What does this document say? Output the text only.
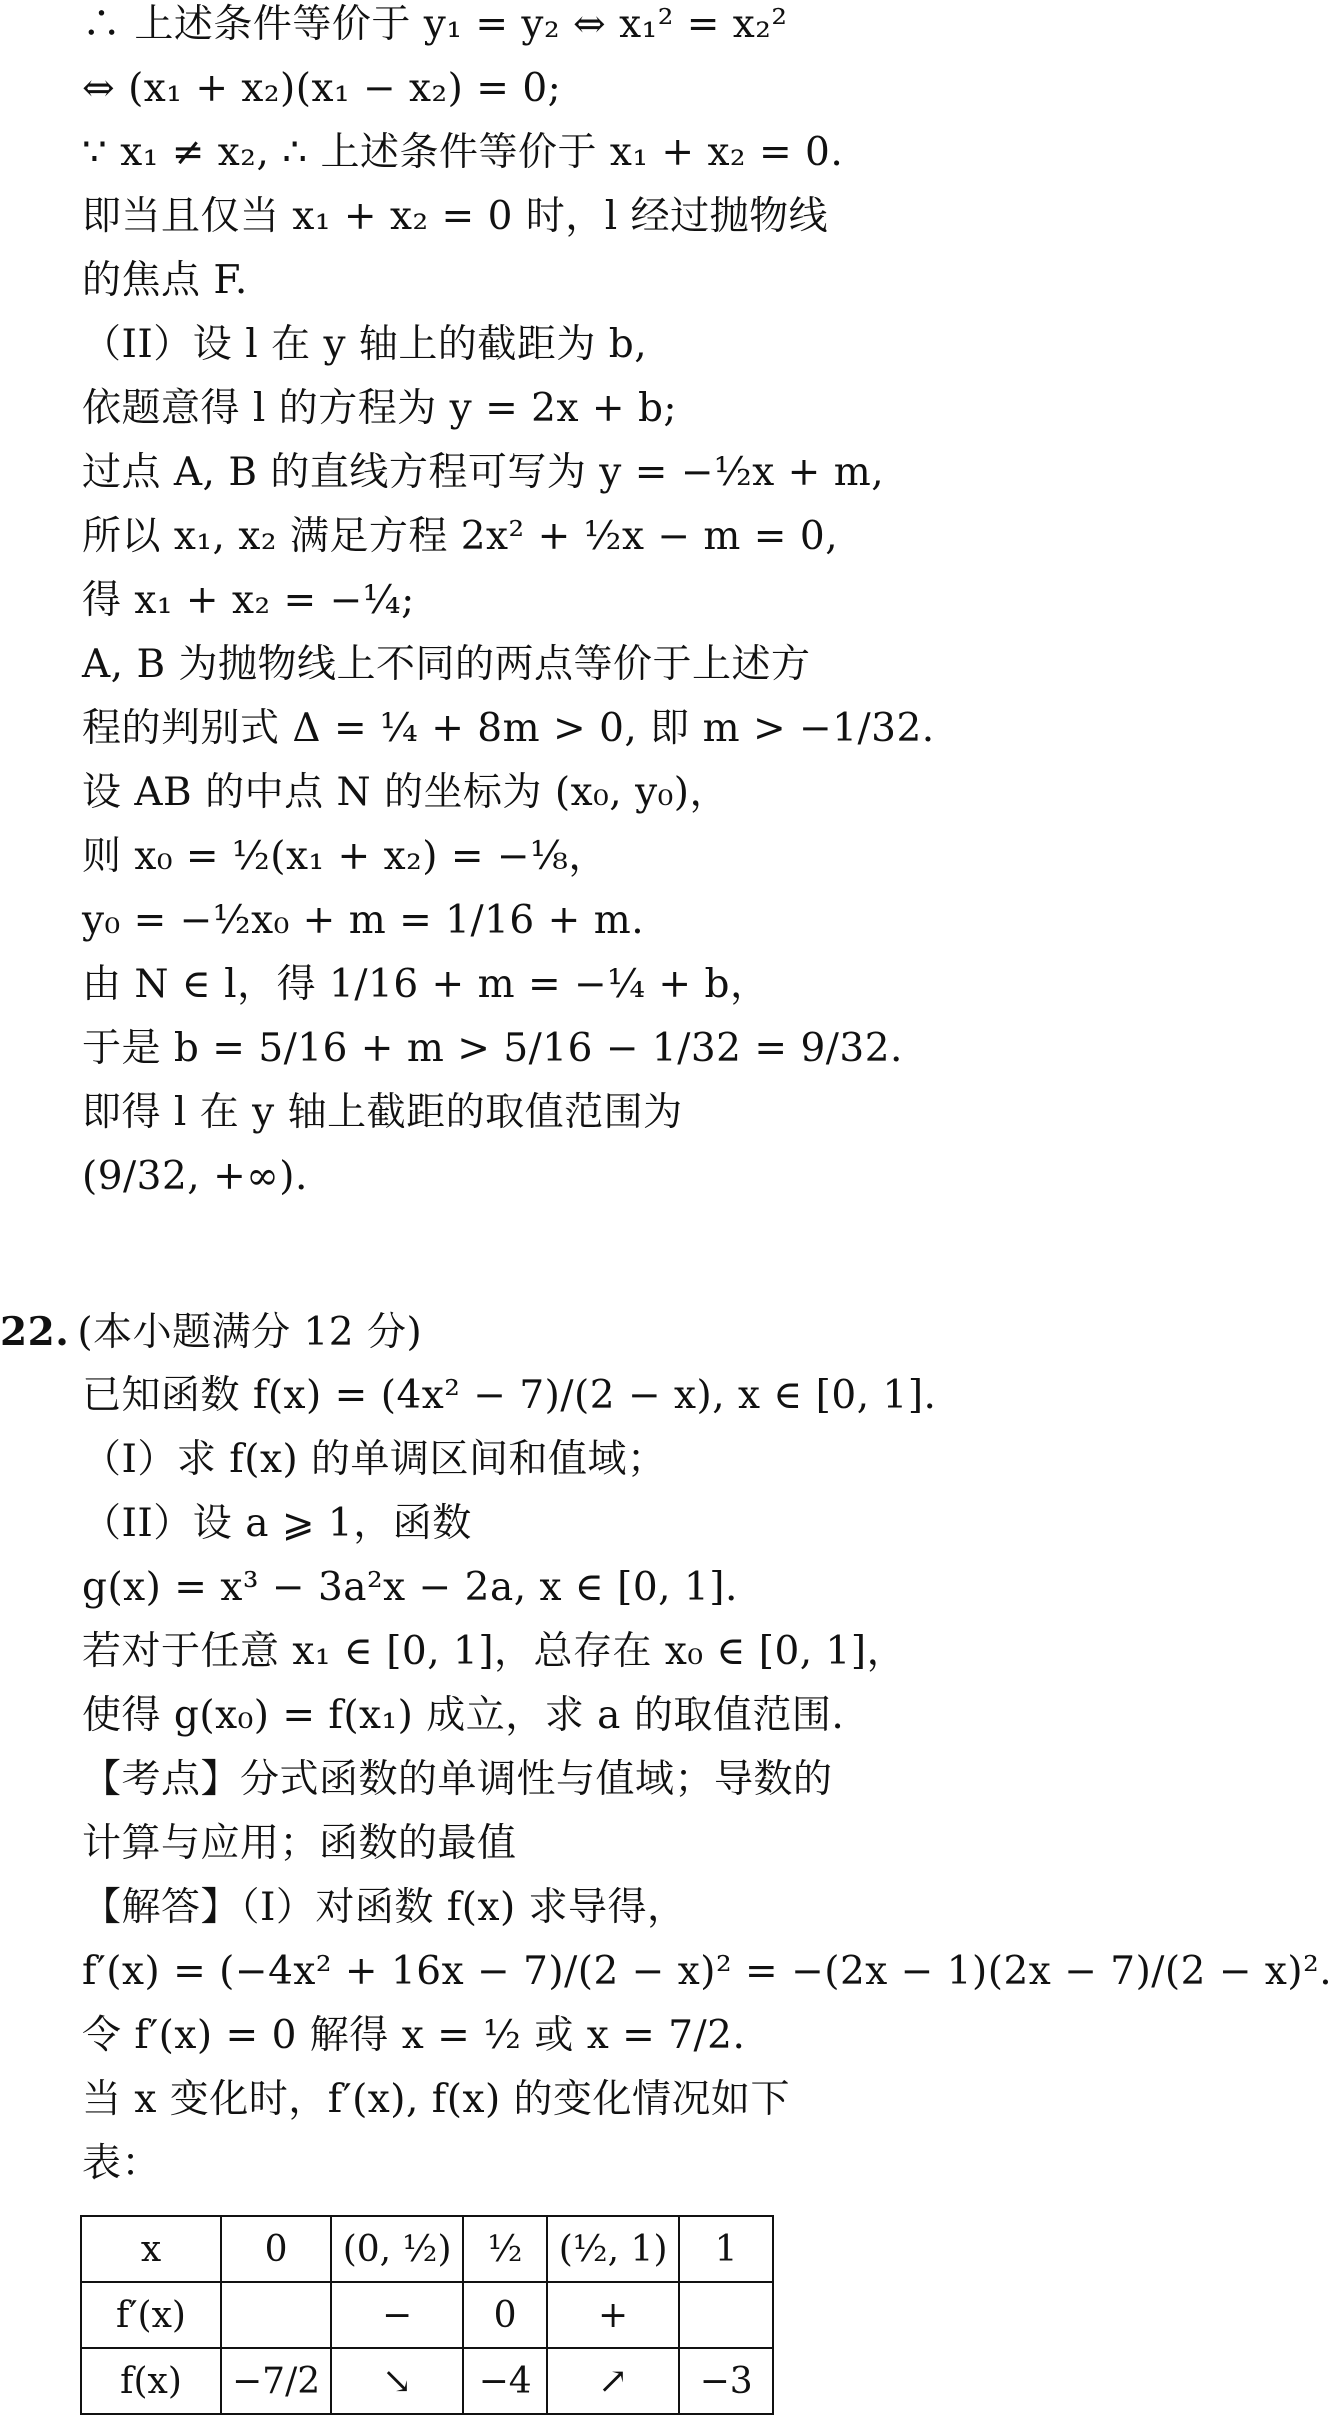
∴ 上述条件等价于 y₁ = y₂ ⇔ x₁² = x₂²
⇔ (x₁ + x₂)(x₁ − x₂) = 0;
∵ x₁ ≠ x₂, ∴ 上述条件等价于 x₁ + x₂ = 0.
即当且仅当 x₁ + x₂ = 0 时，l 经过抛物线
的焦点 F.
（II）设 l 在 y 轴上的截距为 b,
依题意得 l 的方程为 y = 2x + b;
过点 A, B 的直线方程可写为 y = −½x + m,
所以 x₁, x₂ 满足方程 2x² + ½x − m = 0,
得 x₁ + x₂ = −¼;
A, B 为抛物线上不同的两点等价于上述方
程的判别式 Δ = ¼ + 8m > 0, 即 m > −1/32.
设 AB 的中点 N 的坐标为 (x₀, y₀)，
则 x₀ = ½(x₁ + x₂) = −⅛，
y₀ = −½x₀ + m = 1/16 + m.
由 N ∈ l，得 1/16 + m = −¼ + b，
于是 b = 5/16 + m > 5/16 − 1/32 = 9/32.
即得 l 在 y 轴上截距的取值范围为
(9/32, +∞).
22. (本小题满分 12 分)
已知函数 f(x) = (4x² − 7)/(2 − x), x ∈ [0, 1].
（I）求 f(x) 的单调区间和值域；
（II）设 a ⩾ 1，函数
g(x) = x³ − 3a²x − 2a, x ∈ [0, 1].
若对于任意 x₁ ∈ [0, 1]，总存在 x₀ ∈ [0, 1]，
使得 g(x₀) = f(x₁) 成立，求 a 的取值范围.
【考点】分式函数的单调性与值域；导数的
计算与应用；函数的最值
【解答】（I）对函数 f(x) 求导得，
f′(x) = (−4x² + 16x − 7)/(2 − x)² = −(2x − 1)(2x − 7)/(2 − x)².
令 f′(x) = 0 解得 x = ½ 或 x = 7/2.
当 x 变化时，f′(x), f(x) 的变化情况如下
表：
x	0	(0, ½)	½	(½, 1)	1
f′(x)		−	0	+	
f(x)	−7/2	↘	−4	↗	−3
